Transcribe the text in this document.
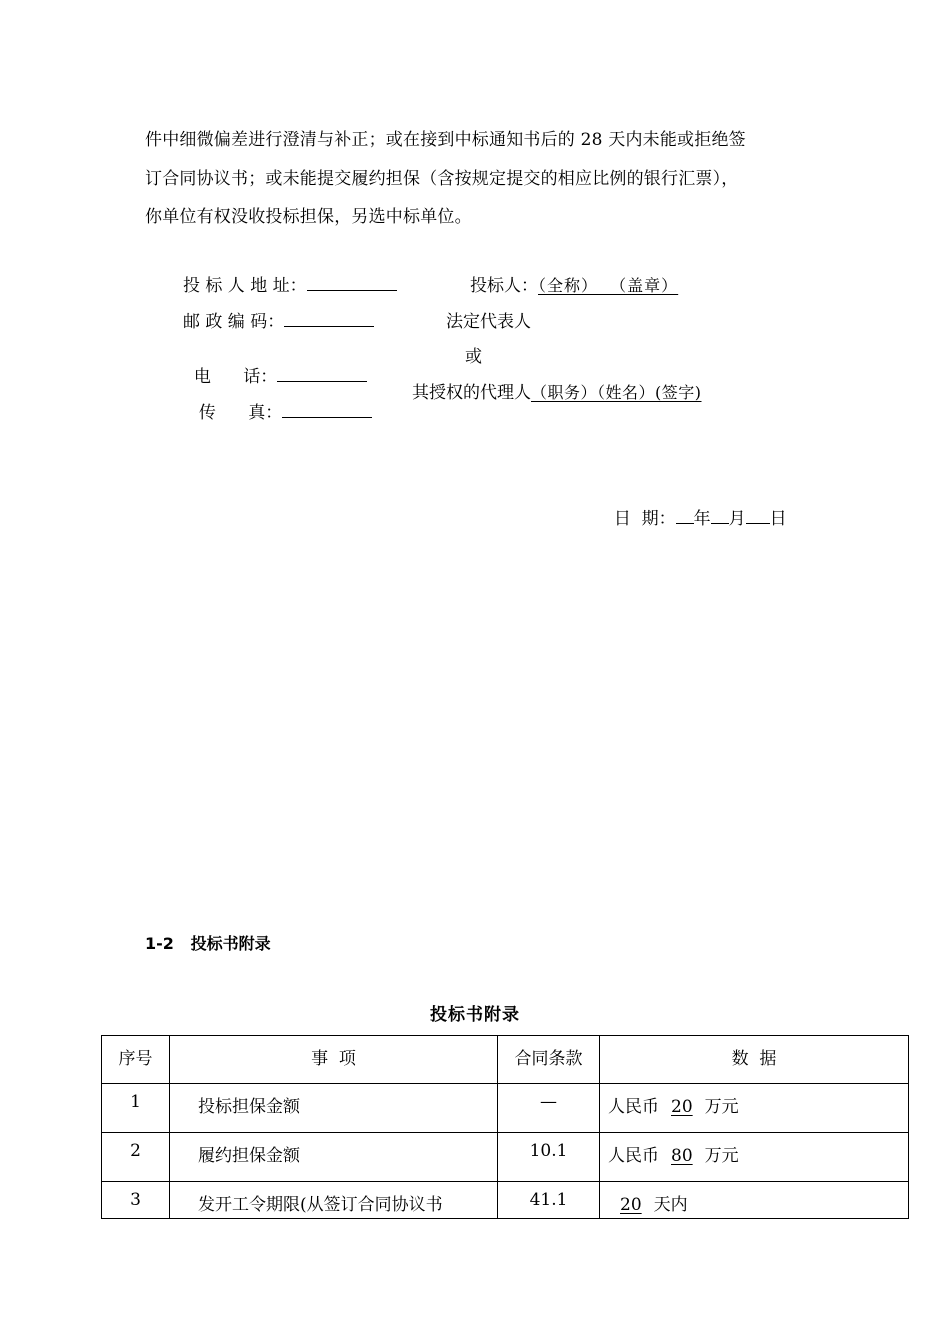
件中细微偏差进行澄清与补正；或在接到中标通知书后的 28 天内未能或拒绝签
订合同协议书；或未能提交履约担保（含按规定提交的相应比例的银行汇票），
你单位有权没收投标担保，另选中标单位。
投 标 人 地 址：	投标人：（全称）  （盖章）
邮 政 编 码：	法定代表人

电      话：

或

传      真：

其授权的代理人（职务）（姓名）(签字)

日  期： 年 月 日

1-2 投标书附录
投标书附录
序号	事  项	合同条款	数  据
1	投标担保金额	—	人民币 20 万元
2	履约担保金额	10.1	人民币 80 万元
3	发开工令期限(从签订合同协议书	41.1	20 天内
